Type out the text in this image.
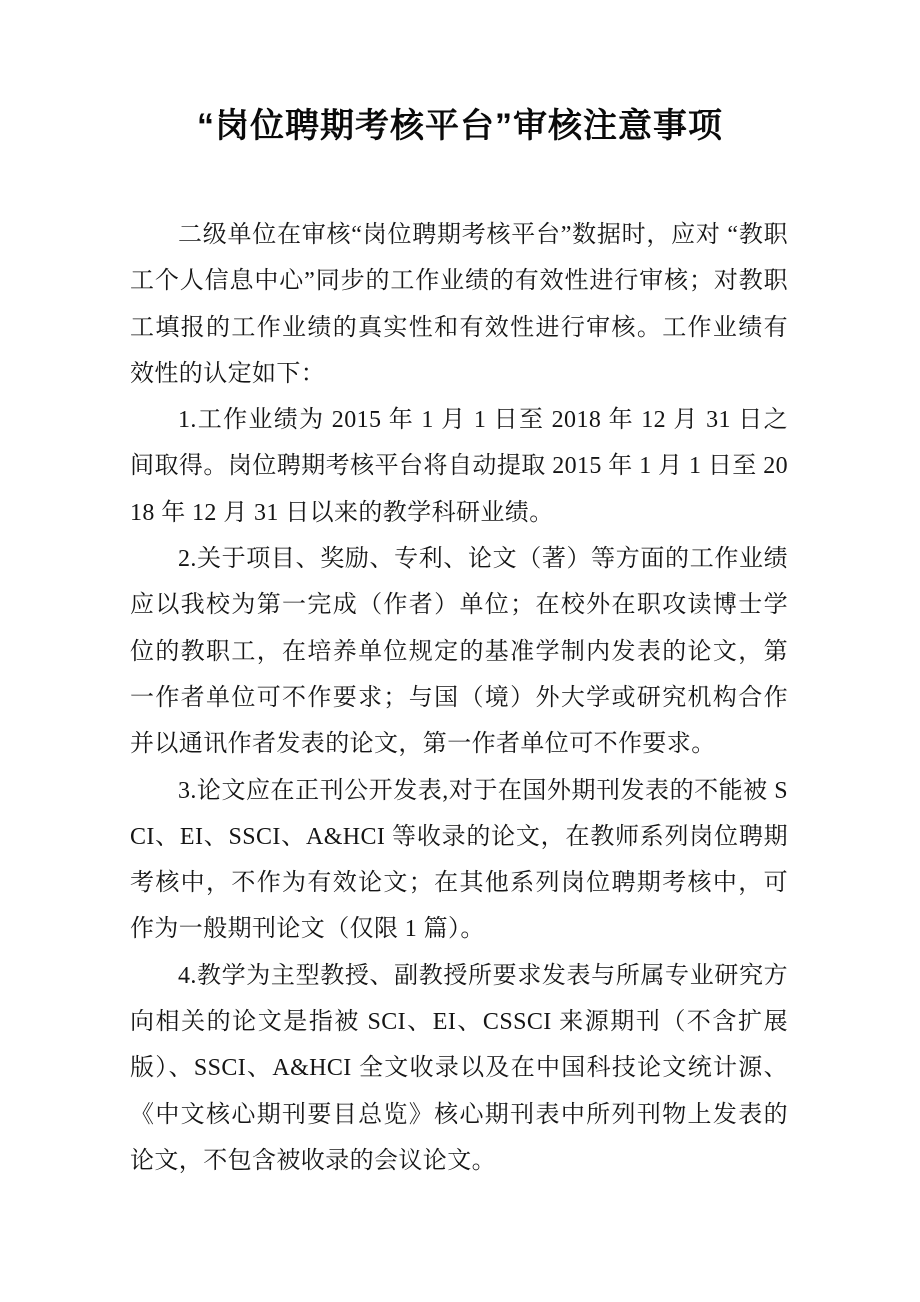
“岗位聘期考核平台”审核注意事项

二级单位在审核“岗位聘期考核平台”数据时，应对 “教职工个人信息中心”同步的工作业绩的有效性进行审核；对教职工填报的工作业绩的真实性和有效性进行审核。工作业绩有效性的认定如下：

1.工作业绩为 2015 年 1 月 1 日至 2018 年 12 月 31 日之间取得。岗位聘期考核平台将自动提取 2015 年 1 月 1 日至 2018 年 12 月 31 日以来的教学科研业绩。

2.关于项目、奖励、专利、论文（著）等方面的工作业绩应以我校为第一完成（作者）单位；在校外在职攻读博士学位的教职工，在培养单位规定的基准学制内发表的论文，第一作者单位可不作要求；与国（境）外大学或研究机构合作并以通讯作者发表的论文，第一作者单位可不作要求。

3.论文应在正刊公开发表,对于在国外期刊发表的不能被 SCI、EI、SSCI、A&HCI 等收录的论文，在教师系列岗位聘期考核中，不作为有效论文；在其他系列岗位聘期考核中，可作为一般期刊论文（仅限 1 篇）。

4.教学为主型教授、副教授所要求发表与所属专业研究方向相关的论文是指被 SCI、EI、CSSCI 来源期刊（不含扩展版）、SSCI、A&HCI 全文收录以及在中国科技论文统计源、《中文核心期刊要目总览》核心期刊表中所列刊物上发表的论文，不包含被收录的会议论文。
